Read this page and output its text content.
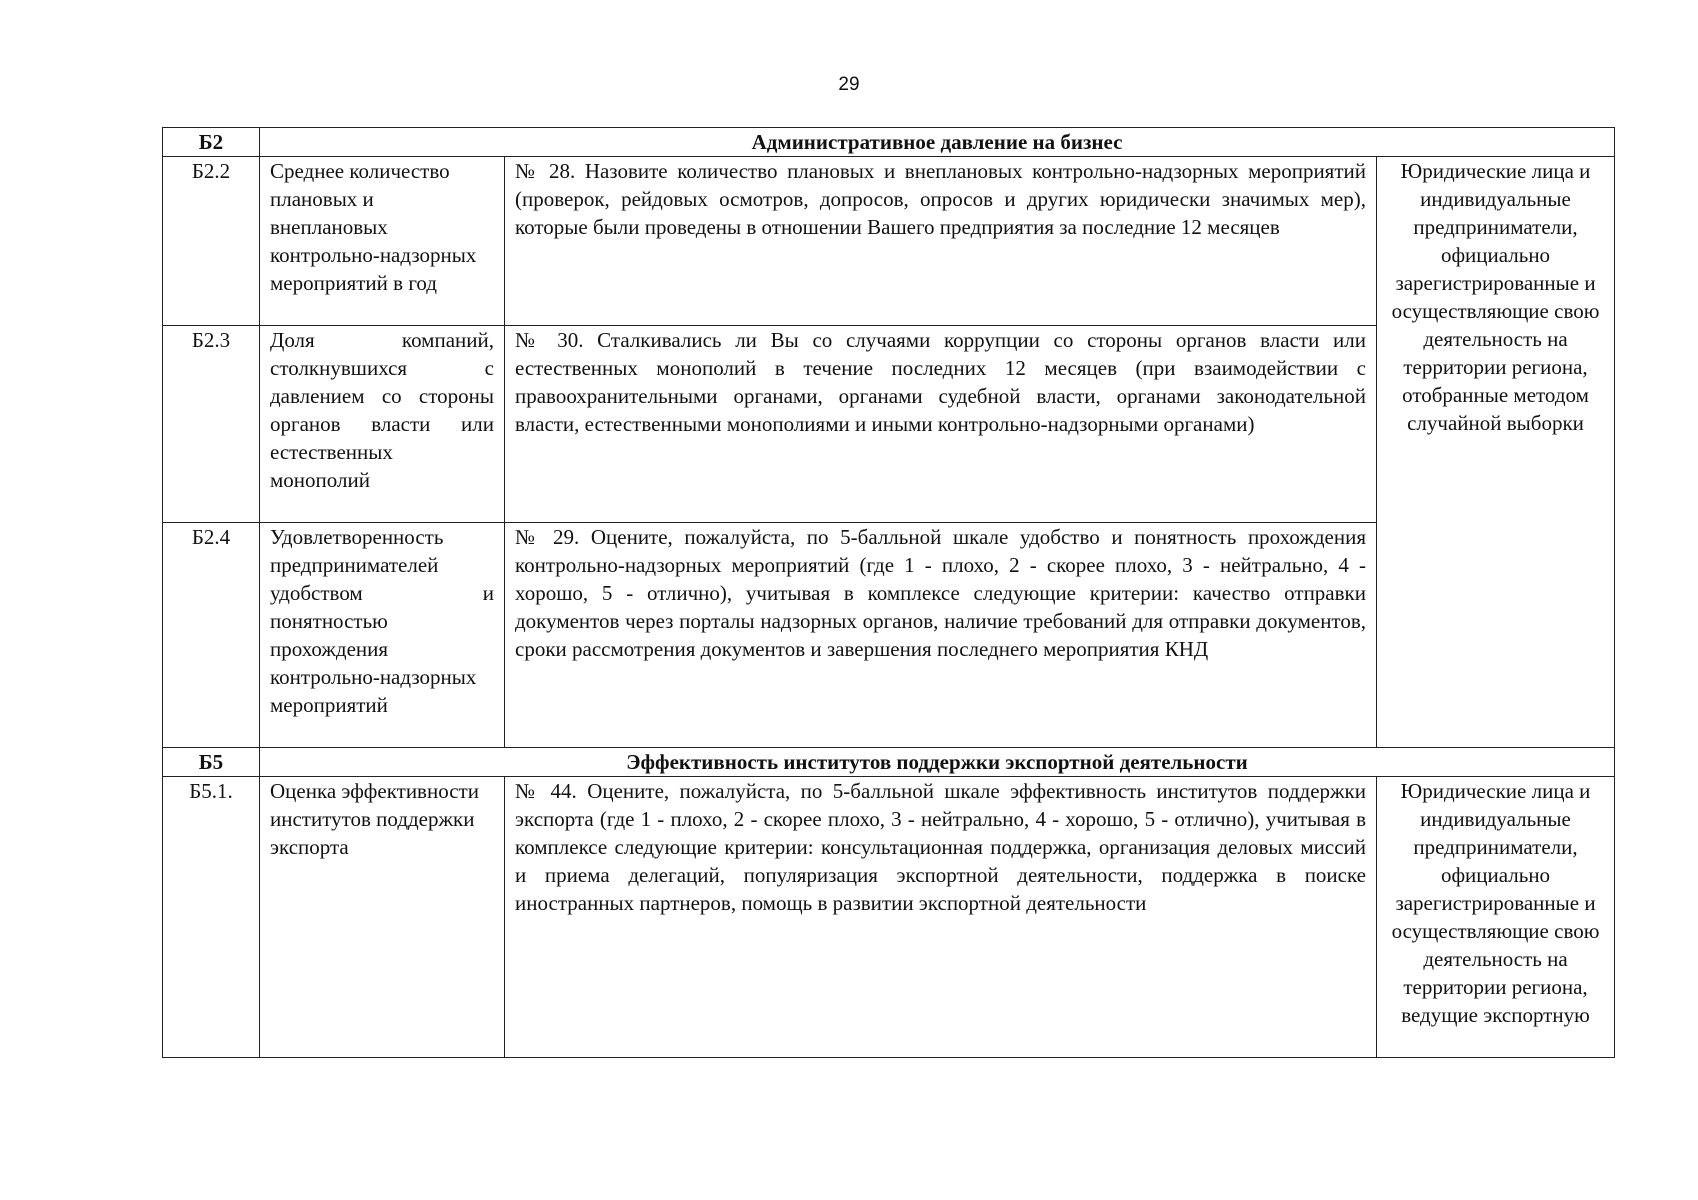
29
Б2	Административное давление на бизнес		
Б2.2	Среднее количество плановых и внеплановых контрольно-надзорных мероприятий в год	№ 28. Назовите количество плановых и внеплановых контрольно-надзорных мероприятий (проверок, рейдовых осмотров, допросов, опросов и других юридически значимых мер), которые были проведены в отношении Вашего предприятия за последние 12 месяцев	Юридические лица и индивидуальные предприниматели, официально зарегистрированные и осуществляющие свою деятельность на территории региона, отобранные методом случайной выборки
Б2.3	Доля компаний, столкнувшихся с давлением со стороны органов власти или естественных монополий	№ 30. Сталкивались ли Вы со случаями коррупции со стороны органов власти или естественных монополий в течение последних 12 месяцев (при взаимодействии с правоохранительными органами, органами судебной власти, органами законодательной власти, естественными монополиями и иными контрольно-надзорными органами)	
Б2.4	Удовлетворенность предпринимателей удобством и понятностью прохождения контрольно-надзорных мероприятий	№ 29. Оцените, пожалуйста, по 5-балльной шкале удобство и понятность прохождения контрольно-надзорных мероприятий (где 1 - плохо, 2 - скорее плохо, 3 - нейтрально, 4 - хорошо, 5 - отлично), учитывая в комплексе следующие критерии: качество отправки документов через порталы надзорных органов, наличие требований для отправки документов, сроки рассмотрения документов и завершения последнего мероприятия КНД	
Б5	Эффективность институтов поддержки экспортной деятельности		
Б5.1.	Оценка эффективности институтов поддержки экспорта	№ 44. Оцените, пожалуйста, по 5-балльной шкале эффективность институтов поддержки экспорта (где 1 - плохо, 2 - скорее плохо, 3 - нейтрально, 4 - хорошо, 5 - отлично), учитывая в комплексе следующие критерии: консультационная поддержка, организация деловых миссий и приема делегаций, популяризация экспортной деятельности, поддержка в поиске иностранных партнеров, помощь в развитии экспортной деятельности	Юридические лица и индивидуальные предприниматели, официально зарегистрированные и осуществляющие свою деятельность на территории региона, ведущие экспортную
